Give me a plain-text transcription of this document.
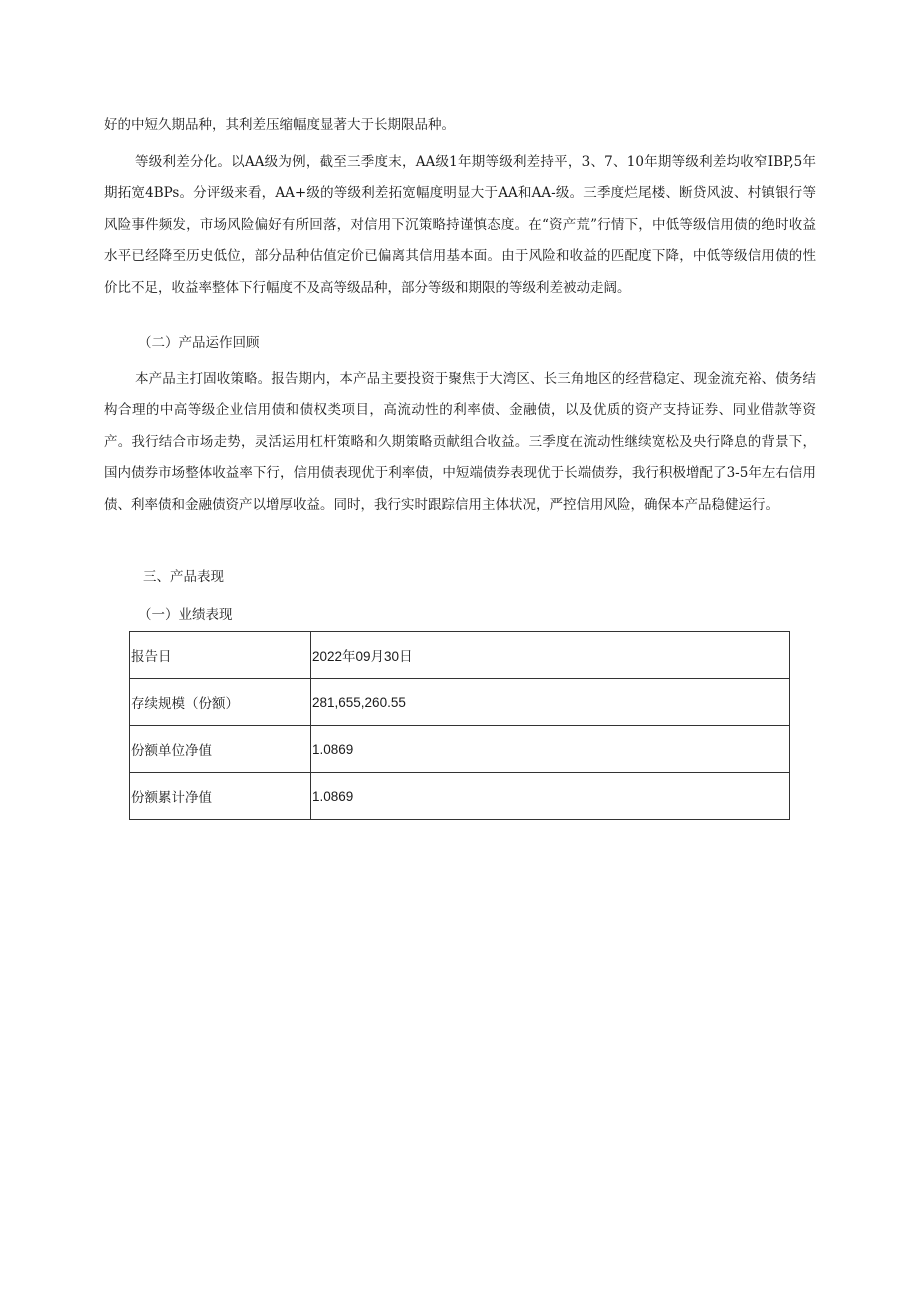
好的中短久期品种，其利差压缩幅度显著大于长期限品种。

等级利差分化。以AA级为例，截至三季度末，AA级1年期等级利差持平，3、7、10年期等级利差均收窄IBP,5年期拓宽4BPs。分评级来看，AA+级的等级利差拓宽幅度明显大于AA和AA-级。三季度烂尾楼、断贷风波、村镇银行等风险事件频发，市场风险偏好有所回落，对信用下沉策略持谨慎态度。在“资产荒”行情下，中低等级信用债的绝时收益水平已经降至历史低位，部分品种估值定价已偏离其信用基本面。由于风险和收益的匹配度下降，中低等级信用债的性价比不足，收益率整体下行幅度不及高等级品种，部分等级和期限的等级利差被动走阔。

（二）产品运作回顾

本产品主打固收策略。报告期内，本产品主要投资于聚焦于大湾区、长三角地区的经营稳定、现金流充裕、债务结构合理的中高等级企业信用债和债权类项目，高流动性的利率债、金融债，以及优质的资产支持证券、同业借款等资产。我行结合市场走势，灵活运用杠杆策略和久期策略贡献组合收益。三季度在流动性继续宽松及央行降息的背景下，国内债券市场整体收益率下行，信用债表现优于利率债，中短端债券表现优于长端债券，我行积极增配了3-5年左右信用债、利率债和金融债资产以增厚收益。同时，我行实时跟踪信用主体状况，严控信用风险，确保本产品稳健运行。

三、产品表现

（一）业绩表现

报告日	2022年09月30日
存续规模（份额）	281,655,260.55
份额单位净值	1.0869
份额累计净值	1.0869
